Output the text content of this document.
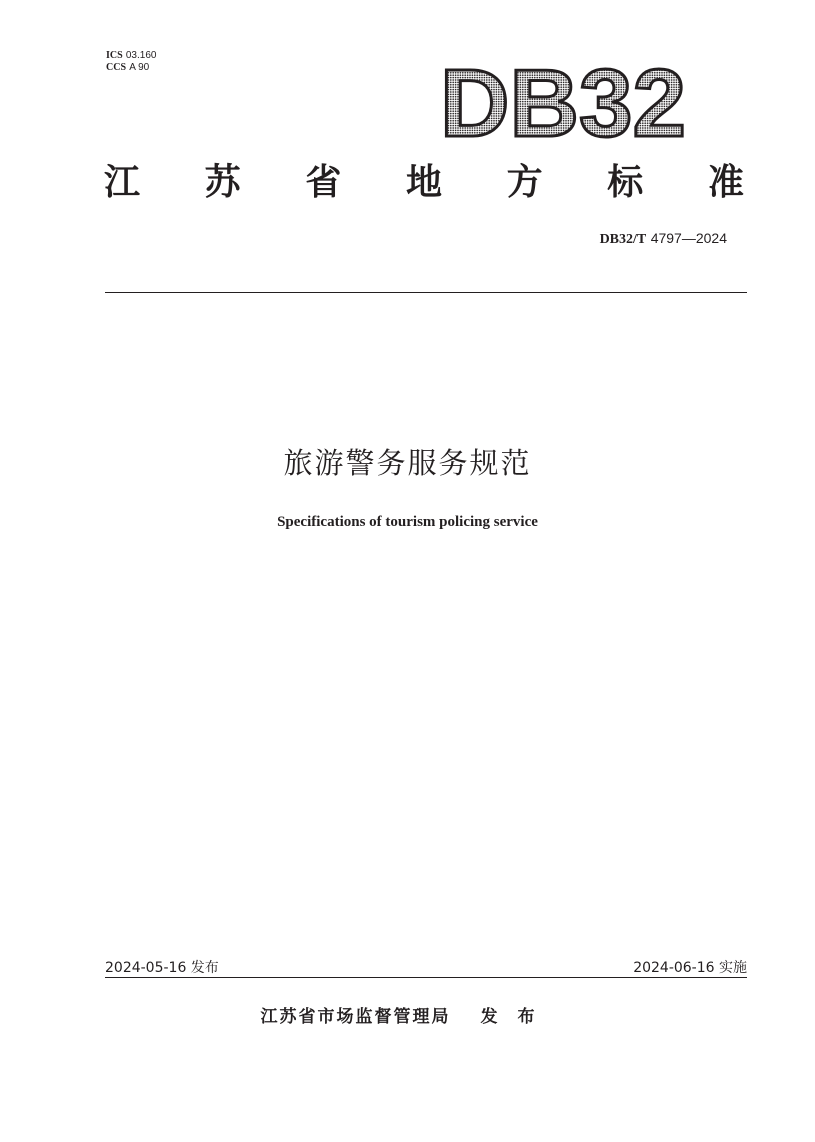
ICS 03.160
CCS A 90	DB32
江 苏 省 地 方 标 准
DB32/T 4797—2024
旅游警务服务规范
Specifications of tourism policing service
2024-05-16 发布	2024-06-16 实施
江苏省市场监督管理局 发布
